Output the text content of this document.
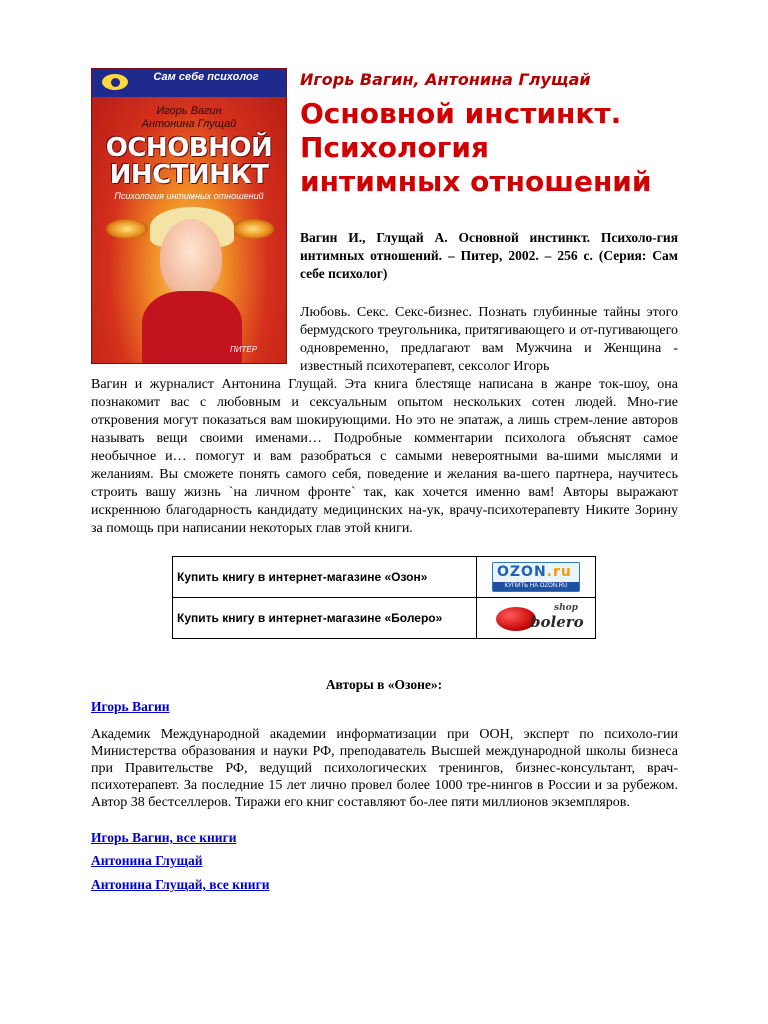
Сам себе психолог
Игорь Вагин
Антонина Глущай
ОСНОВНОЙ
ИНСТИНКТ
Психология интимных отношений
ПИТЕР
Игорь Вагин, Антонина Глущай
Основной инстинкт.
Психология
интимных отношений
Вагин И., Глущай А. Основной инстинкт. Психоло-гия интимных отношений. – Питер, 2002. – 256 с. (Серия: Сам себе психолог)
Любовь. Секс. Секс-бизнес. Познать глубинные тайны этого бермудского треугольника, притягивающего и от-пугивающего одновременно, предлагают вам Мужчина и Женщина - известный психотерапевт, сексолог Игорь
Вагин и журналист Антонина Глущай. Эта книга блестяще написана в жанре ток-шоу, она познакомит вас с любовным и сексуальным опытом нескольких сотен людей. Мно-гие откровения могут показаться вам шокирующими. Но это не эпатаж, а лишь стрем-ление авторов называть вещи своими именами… Подробные комментарии психолога объяснят самое необычное и… помогут и вам разобраться с самыми невероятными ва-шими мыслями и желаниям. Вы сможете понять самого себя, поведение и желания ва-шего партнера, научитесь строить вашу жизнь `на личном фронте` так, как хочется именно вам! Авторы выражают искреннюю благодарность кандидату медицинских на-ук, врачу-психотерапевту Никите Зорину за помощь при написании некоторых глав этой книги.
Купить книгу в интернет-магазине «Озон»	OZON.ru
КУПИТЬ НА OZON.RU

Купить книгу в интернет-магазине «Болеро»	bolero
shop
Авторы в «Озоне»:
Игорь Вагин
Академик Международной академии информатизации при ООН, эксперт по психоло-гии Министерства образования и науки РФ, преподаватель Высшей международной школы бизнеса при Правительстве РФ, ведущий психологических тренингов, бизнес-консультант, врач-психотерапевт. За последние 15 лет лично провел более 1000 тре-нингов в России и за рубежом. Автор 38 бестселлеров. Тиражи его книг составляют бо-лее пяти миллионов экземпляров.
Игорь Вагин, все книги
Антонина Глущай
Антонина Глущай, все книги
